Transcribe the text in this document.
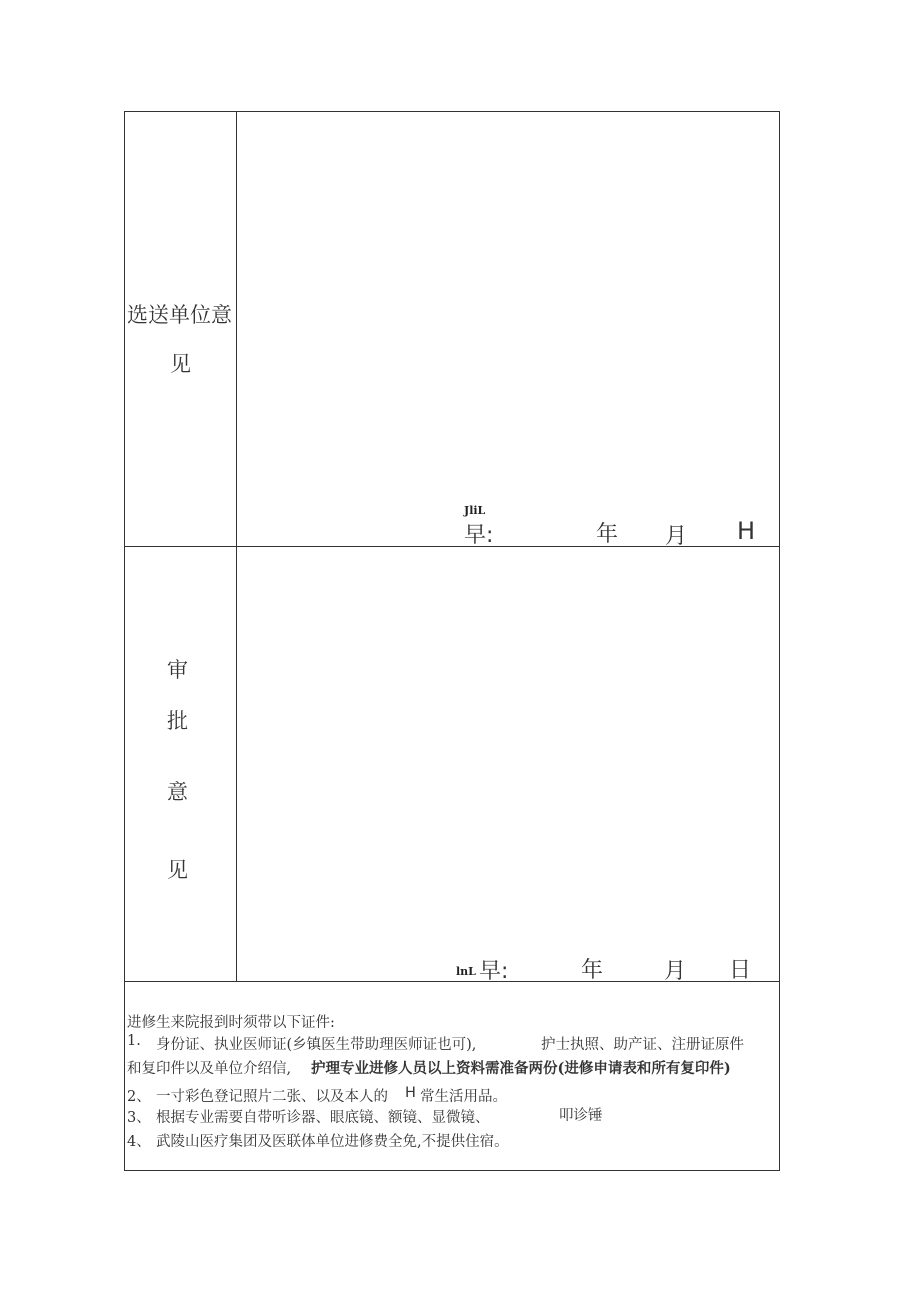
选送单位意
见
JliL
早:	年 月 H
审
批
意
见
lnL 早:	年	月 日
进修生来院报到时须带以下证件:
1. 身份证、执业医师证(乡镇医生带助理医师证也可),	护士执照、助产证、注册证原件
和复印件以及单位介绍信, 护理专业进修人员以上资料需准备两份(进修申请表和所有复印件)
2、 一寸彩色登记照片二张、以及本人的 H 常生活用品。
3、 根据专业需要自带听诊器、眼底镜、额镜、显微镜、	叩诊锤
4、 武陵山医疗集团及医联体单位进修费全免,不提供住宿。
